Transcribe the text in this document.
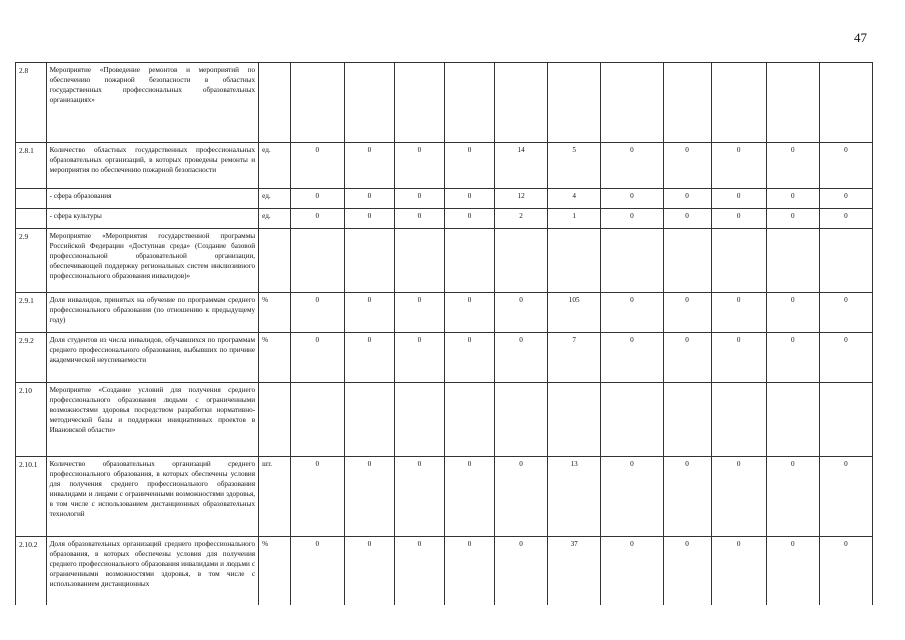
47
2.8	Мероприятие «Проведение ремонтов и мероприятий по обеспечению пожарной безопасности в областных государственных профессиональных образовательных организациях»												
2.8.1	Количество областных государственных профессиональных образовательных организаций, в которых проведены ремонты и мероприятия по обеспечению пожарной безопасности	ед.	0	0	0	0	14	5	0	0	0	0	0
	- сфера образования	ед.	0	0	0	0	12	4	0	0	0	0	0
	- сфера культуры	ед.	0	0	0	0	2	1	0	0	0	0	0
2.9	Мероприятие «Мероприятия государственной программы Российской Федерации «Доступная среда» (Создание базовой профессиональной образовательной организации, обеспечивающей поддержку региональных систем инклюзивного профессионального образования инвалидов)»												
2.9.1	Доля инвалидов, принятых на обучение по программам среднего профессионального образования (по отношению к предыдущему году)	%	0	0	0	0	0	105	0	0	0	0	0
2.9.2	Доля студентов из числа инвалидов, обучавшихся по программам среднего профессионального образования, выбывших по причине академической неуспеваемости	%	0	0	0	0	0	7	0	0	0	0	0
2.10	Мероприятие «Создание условий для получения среднего профессионального образования людьми с ограниченными возможностями здоровья посредством разработки нормативно-методической базы и поддержки инициативных проектов в Ивановской области»												
2.10.1	Количество образовательных организаций среднего профессионального образования, в которых обеспечены условия для получения среднего профессионального образования инвалидами и лицами с ограниченными возможностями здоровья, в том числе с использованием дистанционных образовательных технологий	шт.	0	0	0	0	0	13	0	0	0	0	0
2.10.2	Доля образовательных организаций среднего профессионального образования, в которых обеспечены условия для получения среднего профессионального образования инвалидами и людьми с ограниченными возможностями здоровья, в том числе с использованием дистанционных	%	0	0	0	0	0	37	0	0	0	0	0
